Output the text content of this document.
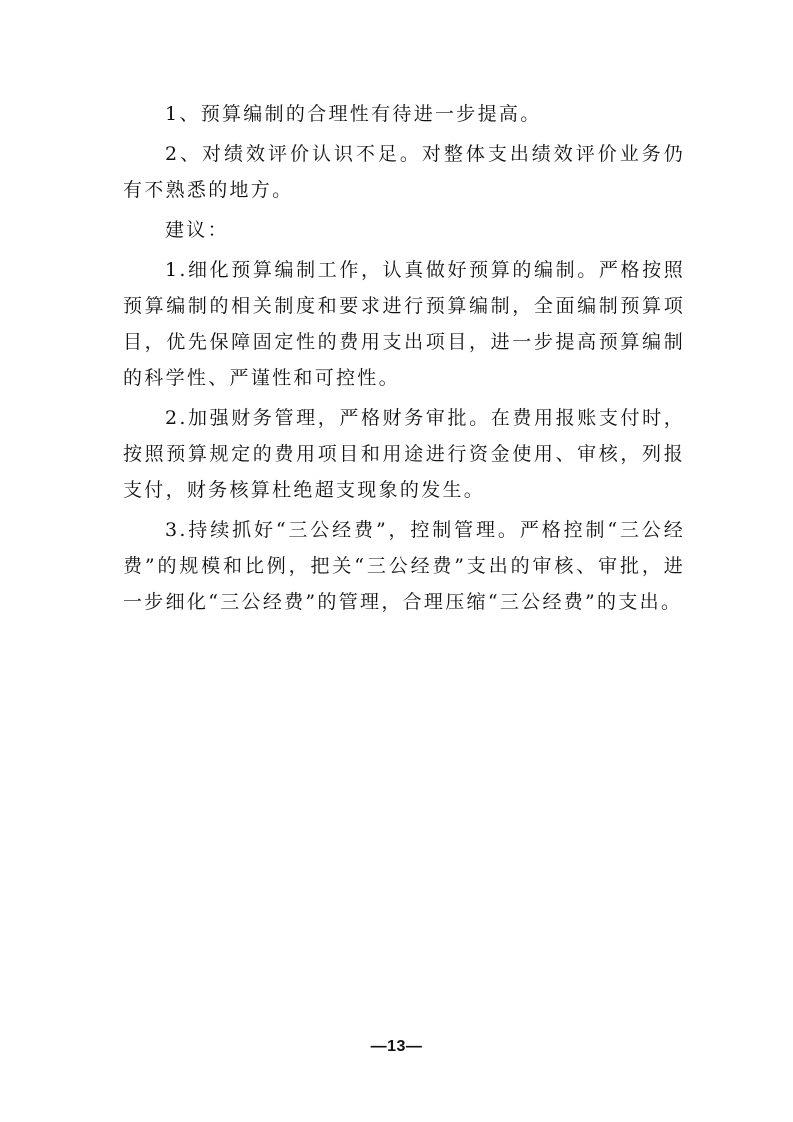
1、预算编制的合理性有待进一步提高。

2、对绩效评价认识不足。对整体支出绩效评价业务仍有不熟悉的地方。

建议：

1.细化预算编制工作，认真做好预算的编制。严格按照预算编制的相关制度和要求进行预算编制，全面编制预算项目，优先保障固定性的费用支出项目，进一步提高预算编制的科学性、严谨性和可控性。

2.加强财务管理，严格财务审批。在费用报账支付时，按照预算规定的费用项目和用途进行资金使用、审核，列报支付，财务核算杜绝超支现象的发生。

3.持续抓好“三公经费”，控制管理。严格控制“三公经费”的规模和比例，把关“三公经费”支出的审核、审批，进一步细化“三公经费”的管理，合理压缩“三公经费”的支出。

—13—
